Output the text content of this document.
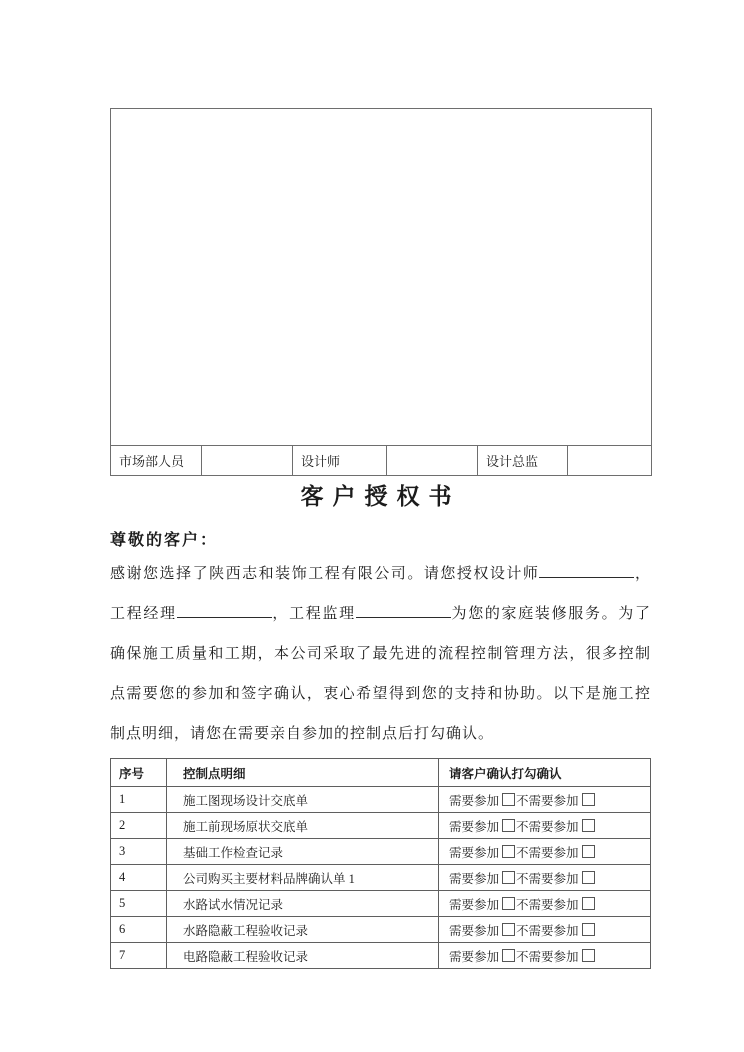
市场部人员		设计师		设计总监	
客户授权书
尊敬的客户：

感谢您选择了陕西志和装饰工程有限公司。请您授权设计师	，工程经理	，工程监理	为您的家庭装修服务。为了确保施工质量和工期，本公司采取了最先进的流程控制管理方法，很多控制点需要您的参加和签字确认，衷心希望得到您的支持和协助。以下是施工控制点明细，请您在需要亲自参加的控制点后打勾确认。

序号	控制点明细	请客户确认打勾确认
1	施工图现场设计交底单	需要参加 不需要参加
2	施工前现场原状交底单	需要参加 不需要参加
3	基础工作检查记录	需要参加 不需要参加
4	公司购买主要材料品牌确认单 1	需要参加 不需要参加
5	水路试水情况记录	需要参加 不需要参加
6	水路隐蔽工程验收记录	需要参加 不需要参加
7	电路隐蔽工程验收记录	需要参加 不需要参加
